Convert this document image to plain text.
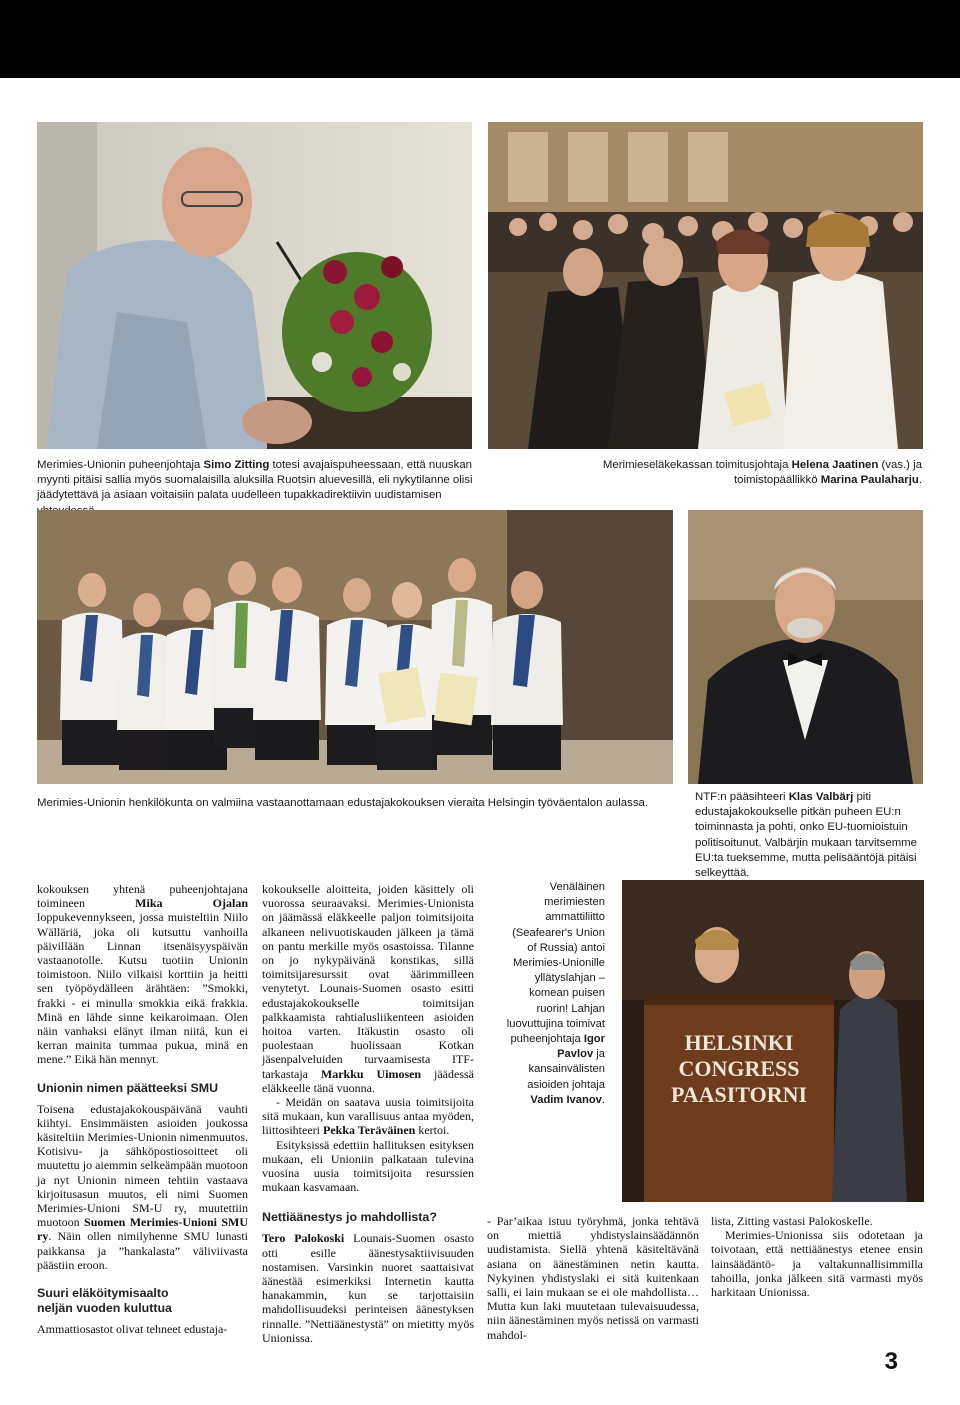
Merimies-Unionin puheenjohtaja Simo Zitting totesi avajaispuheessaan, että nuuskan myynti pitäisi sallia myös suomalaisilla aluksilla Ruotsin aluevesillä, eli nykytilanne olisi jäädytettävä ja asiaan voitaisiin palata uudelleen tupakkadirektiivin uudistamisen
Merimieseläkekassan toimitusjohtaja Helena Jaatinen (vas.) ja toimistopäällikkö Marina Paulaharju.
Merimies-Unionin henkilökunta on valmiina vastaanottamaan edustajakokouksen vieraita Helsingin työväentalon aulassa.	NTF:n pääsihteeri Klas Valbärj piti edustajakokoukselle pitkän puheen EU:n toiminnasta ja pohti, onko EU-tuomioistuin politisoitunut. Valbärjin mukaan tarvitsemme EU:ta tueksemme, mutta pelisääntöjä pitäisi selkeyttää.
Venäläinen merimiesten ammattiliitto (Seafearer's Union of Russia) antoi Merimies-Unionille yllätyslahjan – komean puisen ruorin! Lahjan luovuttujina toimivat puheenjohtaja Igor Pavlov ja kansainvälisten asioiden johtaja Vadim Ivanov.
HELSINKI
CONGRESS
PAASITORNI

kokouksen yhtenä puheenjohtajana toimineen Mika Ojalan loppukevennykseen, jossa muisteltiin Niilo Wälläriä, joka oli kutsuttu vanhoilla päivillään Linnan itsenäisyyspäivän vastaanotolle. Kutsu tuotiin Unionin toimistoon. Niilo vilkaisi korttiin ja heitti sen työpöydälleen ärähtäen: ”Smokki, frakki - ei minulla smokkia eikä frakkia. Minä en lähde sinne keikaroimaan. Olen näin vanhaksi elänyt ilman niitä, kun ei kerran mainita tummaa pukua, minä en mene.” Eikä hän mennyt.

Unionin nimen päätteeksi SMU

Toisena edustajakokouspäivänä vauhti kiihtyi. Ensimmäisten asioiden joukossa käsiteltiin Merimies-Unionin nimenmuutos. Kotisivu- ja sähköpostiosoitteet oli muutettu jo aiemmin selkeämpään muotoon ja nyt Unionin nimeen tehtiin vastaava kirjoitusasun muutos, eli nimi Suomen Merimies-Unioni SM-U ry, muutettiin muotoon Suomen Merimies-Unioni SMU ry. Näin ollen nimilyhenne SMU lunasti paikkansa ja ”hankalasta” väliviivasta päästiin eroon.

Suuri eläköitymisaalto
neljän vuoden kuluttua

Ammattiosastot olivat tehneet edustaja-

kokoukselle aloitteita, joiden käsittely oli vuorossa seuraavaksi. Merimies-Unionista on jäämässä eläkkeelle paljon toimitsijoita alkaneen nelivuotiskauden jälkeen ja tämä on pantu merkille myös osastoissa. Tilanne on jo nykypäivänä konstikas, sillä toimitsijaresurssit ovat äärimmilleen venytetyt. Lounais-Suomen osasto esitti edustajakokoukselle toimitsijan palkkaamista rahtialusliikenteen asioiden hoitoa varten. Itäkustin osasto oli puolestaan huolissaan Kotkan jäsenpalveluiden turvaamisesta ITF-tarkastaja Markku Uimosen jäädessä eläkkeelle tänä vuonna.

- Meidän on saatava uusia toimitsijoita sitä mukaan, kun varallisuus antaa myöden, liittosihteeri Pekka Teräväinen kertoi.

Esityksissä edettiin hallituksen esityksen mukaan, eli Unioniin palkataan tulevina vuosina uusia toimitsijoita resurssien mukaan kasvamaan.

Nettiäänestys jo mahdollista?

Tero Palokoski Lounais-Suomen osasto otti esille äänestysaktiivisuuden nostamisen. Varsinkin nuoret saattaisivat äänestää esimerkiksi Internetin kautta hanakammin, kun se tarjottaisiin mahdollisuudeksi perinteisen äänestyksen rinnalle. ”Nettiäänestystä” on mietitty myös Unionissa.

- Par’aikaa istuu työryhmä, jonka tehtävä on miettiä yhdistyslainsäädännön uudistamista. Siellä yhtenä käsiteltävänä asiana on äänestäminen netin kautta. Nykyinen yhdistyslaki ei sitä kuitenkaan salli, ei lain mukaan se ei ole mahdollista… Mutta kun laki muutetaan tulevaisuudessa, niin äänestäminen myös netissä on varmasti mahdol-

lista, Zitting vastasi Palokoskelle.

Merimies-Unionissa siis odotetaan ja toivotaan, että nettiäänestys etenee ensin lainsäädäntö- ja valtakunnallisimmilla tahoilla, jonka jälkeen sitä varmasti myös harkitaan Unionissa.

3
